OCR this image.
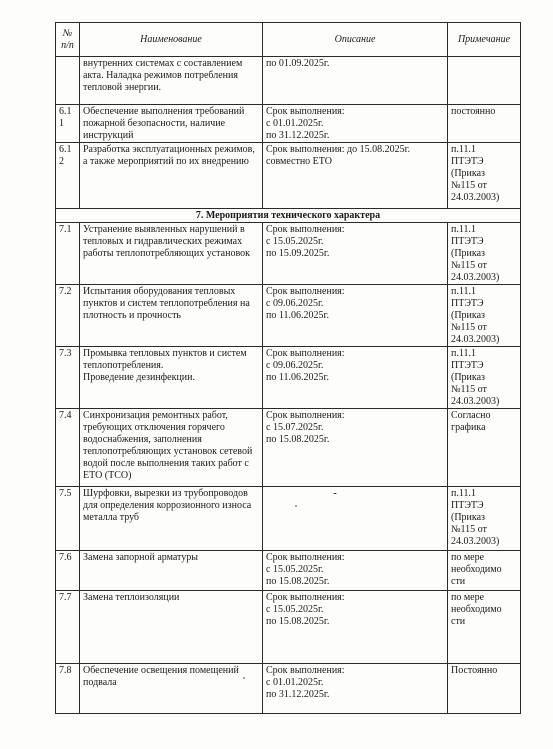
№
п/п	Наименование	Описание	Примечание
	внутренних системах с составлением акта. Наладка режимов потребления тепловой энергии.	по 01.09.2025г.	
6.11	Обеспечение выполнения требований пожарной безопасности, наличие инструкций	Срок выполнения:
с 01.01.2025г.
по 31.12.2025г.	постоянно
6.12	Разработка эксплуатационных режимов, а также мероприятий по их внедрению	Срок выполнения: до 15.08.2025г. совместно ЕТО	п.11.1
ПТЭТЭ
(Приказ
№115 от
24.03.2003)
7. Мероприятия технического характера			
7.1	Устранение выявленных нарушений в тепловых и гидравлических режимах работы теплопотребляющих установок	Срок выполнения:
с 15.05.2025г.
по 15.09.2025г.	п.11.1
ПТЭТЭ
(Приказ
№115 от
24.03.2003)
7.2	Испытания оборудования тепловых пунктов и систем теплопотребления на плотность и прочность	Срок выполнения:
с 09.06.2025г.
по 11.06.2025г.	п.11.1
ПТЭТЭ
(Приказ
№115 от
24.03.2003)
7.3	Промывка тепловых пунктов и систем теплопотребления.
Проведение дезинфекции.	Срок выполнения:
с 09.06.2025г.
по 11.06.2025г.	п.11.1
ПТЭТЭ
(Приказ
№115 от
24.03.2003)
7.4	Синхронизация ремонтных работ, требующих отключения горячего водоснабжения, заполнения теплопотребляющих установок сетевой водой после выполнения таких работ с ЕТО (ТСО)	Срок выполнения:
с 15.07.2025г.
по 15.08.2025г.	Согласно
графика
7.5	Шурфовки, вырезки из трубопроводов для определения коррозионного износа металла труб	-	п.11.1
ПТЭТЭ
(Приказ
№115 от
24.03.2003)
7.6	Замена запорной арматуры	Срок выполнения:
с 15.05.2025г.
по 15.08.2025г.	по мере
необходимо
сти
7.7	Замена теплоизоляции	Срок выполнения:
с 15.05.2025г.
по 15.08.2025г.	по мере
необходимо
сти
7.8	Обеспечение освещения помещений подвала	Срок выполнения:
с 01.01.2025г.
по 31.12.2025г.	Постоянно
